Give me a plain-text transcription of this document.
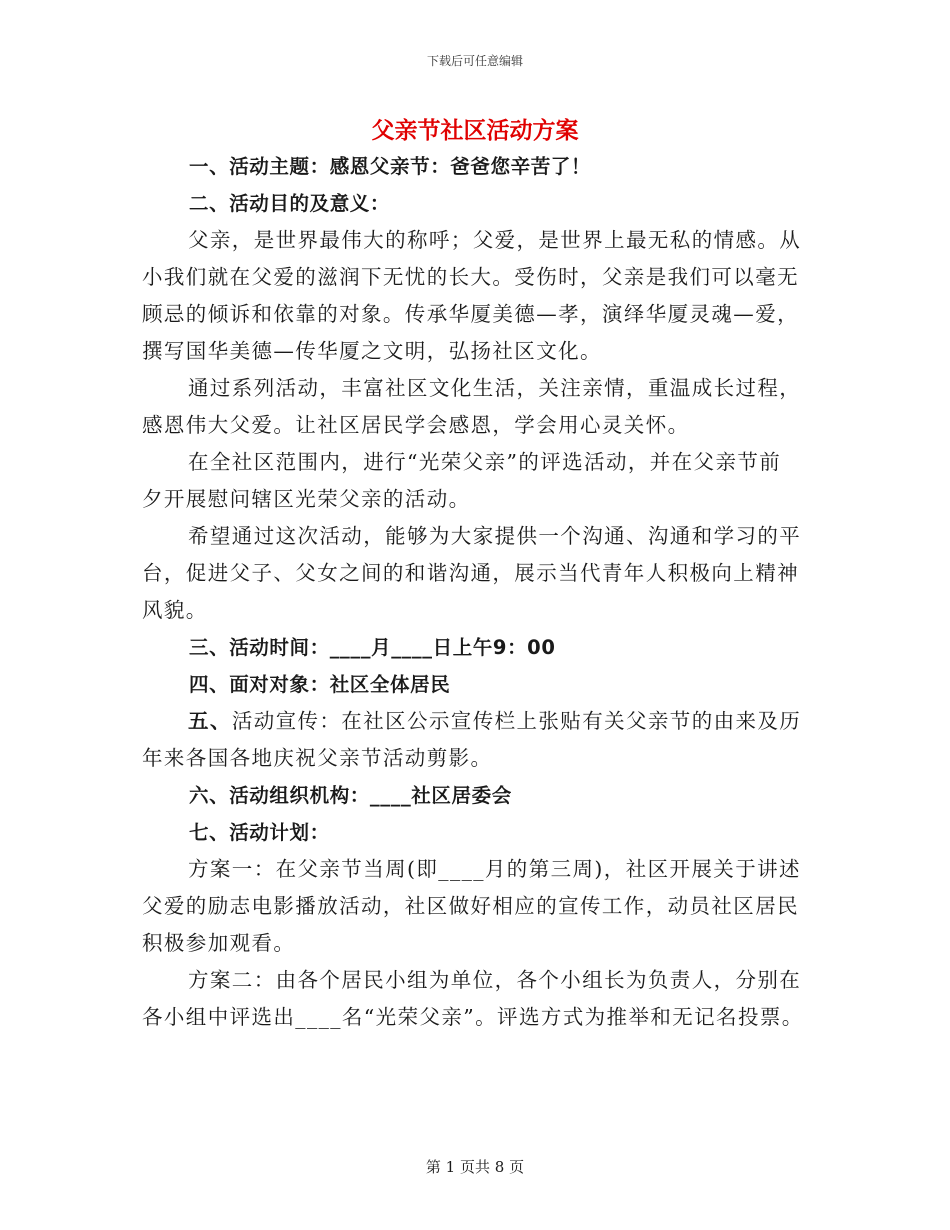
下载后可任意编辑
父亲节社区活动方案
一、活动主题：感恩父亲节：爸爸您辛苦了！
二、活动目的及意义：
父亲，是世界最伟大的称呼；父爱，是世界上最无私的情感。从
小我们就在父爱的滋润下无忧的长大。受伤时，父亲是我们可以毫无
顾忌的倾诉和依靠的对象。传承华厦美德—孝，演绎华厦灵魂—爱，
撰写国华美德—传华厦之文明，弘扬社区文化。
通过系列活动，丰富社区文化生活，关注亲情，重温成长过程，
感恩伟大父爱。让社区居民学会感恩，学会用心灵关怀。
在全社区范围内，进行“光荣父亲”的评选活动，并在父亲节前
夕开展慰问辖区光荣父亲的活动。
希望通过这次活动，能够为大家提供一个沟通、沟通和学习的平
台，促进父子、父女之间的和谐沟通，展示当代青年人积极向上精神
风貌。
三、活动时间：____月____日上午9：00
四、面对对象：社区全体居民
五、活动宣传：在社区公示宣传栏上张贴有关父亲节的由来及历
年来各国各地庆祝父亲节活动剪影。
六、活动组织机构：____社区居委会
七、活动计划：
方案一：在父亲节当周(即____月的第三周)，社区开展关于讲述
父爱的励志电影播放活动，社区做好相应的宣传工作，动员社区居民
积极参加观看。
方案二：由各个居民小组为单位，各个小组长为负责人，分别在
各小组中评选出____名“光荣父亲”。评选方式为推举和无记名投票。
第 1 页共 8 页
